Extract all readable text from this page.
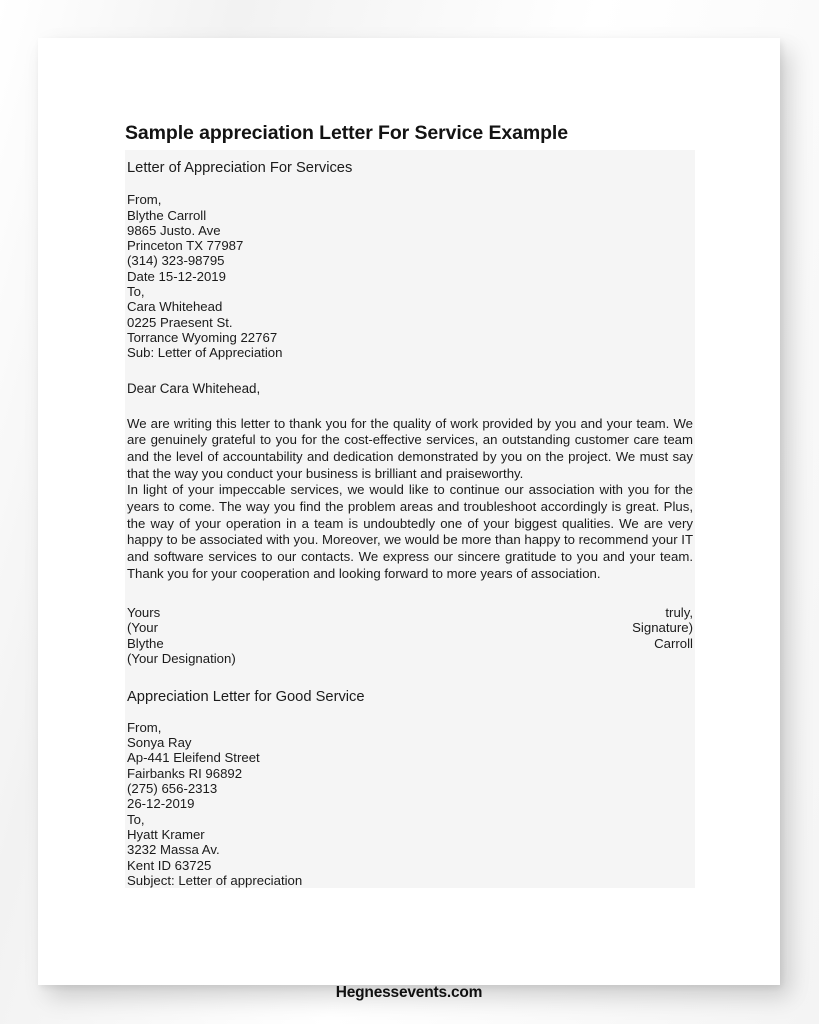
Sample appreciation Letter For Service Example
Letter of Appreciation For Services
From,
Blythe Carroll
9865 Justo. Ave
Princeton TX 77987
(314) 323-98795
Date 15-12-2019
To,
Cara Whitehead
0225 Praesent St.
Torrance Wyoming 22767
Sub: Letter of Appreciation
Dear Cara Whitehead,
We are writing this letter to thank you for the quality of work provided by you and your team. We are genuinely grateful to you for the cost-effective services, an outstanding customer care team and the level of accountability and dedication demonstrated by you on the project. We must say that the way you conduct your business is brilliant and praiseworthy.
In light of your impeccable services, we would like to continue our association with you for the years to come. The way you find the problem areas and troubleshoot accordingly is great. Plus, the way of your operation in a team is undoubtedly one of your biggest qualities. We are very happy to be associated with you. Moreover, we would be more than happy to recommend your IT and software services to our contacts. We express our sincere gratitude to you and your team. Thank you for your cooperation and looking forward to more years of association.
Yours	truly,
(Your	Signature)
Blythe	Carroll
(Your Designation)
Appreciation Letter for Good Service
From,
Sonya Ray
Ap-441 Eleifend Street
Fairbanks RI 96892
(275) 656-2313
26-12-2019
To,
Hyatt Kramer
3232 Massa Av.
Kent ID 63725
Subject: Letter of appreciation
Hegnessevents.com
